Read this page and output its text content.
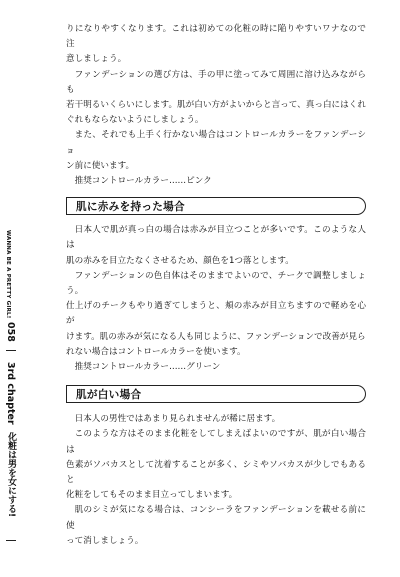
WANNA BE A PRETTY GIRL!
058
3rd chapter
化粧は男を女にする!
りになりやすくなります。これは初めての化粧の時に陥りやすいワナなので注
意しましょう。
ファンデーションの選び方は、手の甲に塗ってみて周囲に溶け込みながらも
若干明るいくらいにします。肌が白い方がよいからと言って、真っ白にはくれ
ぐれもならないようにしましょう。
また、それでも上手く行かない場合はコントロールカラーをファンデーショ
ン前に使います。
推奨コントロールカラー……ピンク
肌に赤みを持った場合
日本人で肌が真っ白の場合は赤みが目立つことが多いです。このような人は
肌の赤みを目立たなくさせるため、顔色を1つ落とします。
ファンデーションの色自体はそのままでよいので、チークで調整しましょう。
仕上げのチークもやり過ぎてしまうと、頬の赤みが目立ちますので軽めを心が
けます。肌の赤みが気になる人も同じように、ファンデーションで改善が見ら
れない場合はコントロールカラーを使います。
推奨コントロールカラー……グリーン
肌が白い場合
日本人の男性ではあまり見られませんが稀に居ます。
このような方はそのまま化粧をしてしまえばよいのですが、肌が白い場合は
色素がソバカスとして沈着することが多く、シミやソバカスが少しでもあると
化粧をしてもそのまま目立ってしまいます。
肌のシミが気になる場合は、コンシーラをファンデーションを載せる前に使
って消しましょう。
